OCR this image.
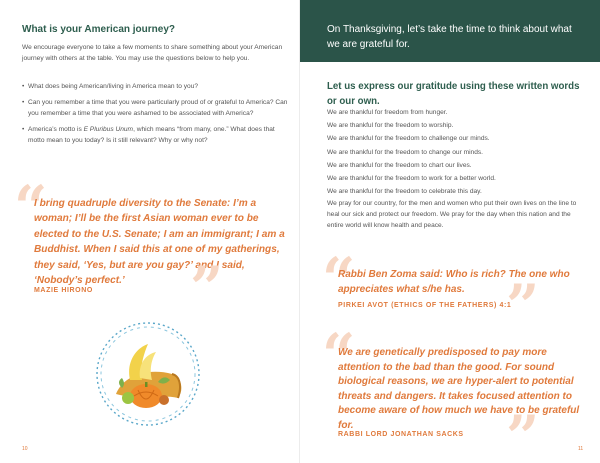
What is your American journey?

We encourage everyone to take a few moments to share something about your American journey with others at the table. You may use the questions below to help you.

• What does being American/living in America mean to you?
• Can you remember a time that you were particularly proud of or grateful to America? Can you remember a time that you were ashamed to be associated with America?
• America’s motto is E Pluribus Unum, which means “from many, one.” What does that motto mean to you today? Is it still relevant? Why or why not?
“

I bring quadruple diversity to the Senate: I’m a woman; I’ll be the first Asian woman ever to be elected to the U.S. Senate; I am an immigrant; I am a Buddhist. When I said this at one of my gatherings, they said, ‘Yes, but are you gay?’ and I said, ‘Nobody’s perfect.’	”
MAZIE HIRONO
10

On Thanksgiving, let’s take the time to think about what we are grateful for.

Let us express our gratitude using these written words or our own.

We are thankful for freedom from hunger.
We are thankful for the freedom to worship.
We are thankful for the freedom to challenge our minds.
We are thankful for the freedom to change our minds.
We are thankful for the freedom to chart our lives.
We are thankful for the freedom to work for a better world.
We are thankful for the freedom to celebrate this day.

We pray for our country, for the men and women who put their own lives on the line to heal our sick and protect our freedom. We pray for the day when this nation and the entire world will know health and peace.

“

Rabbi Ben Zoma said: Who is rich? The one who appreciates what s/he has. ”
PIRKEI AVOT (ETHICS OF THE FATHERS) 4:1
“

We are genetically predisposed to pay more attention to the bad than the good. For sound biological reasons, we are hyper-alert to potential threats and dangers. It takes focused attention to become aware of how much we have to be grateful for.	”
RABBI LORD JONATHAN SACKS
11
